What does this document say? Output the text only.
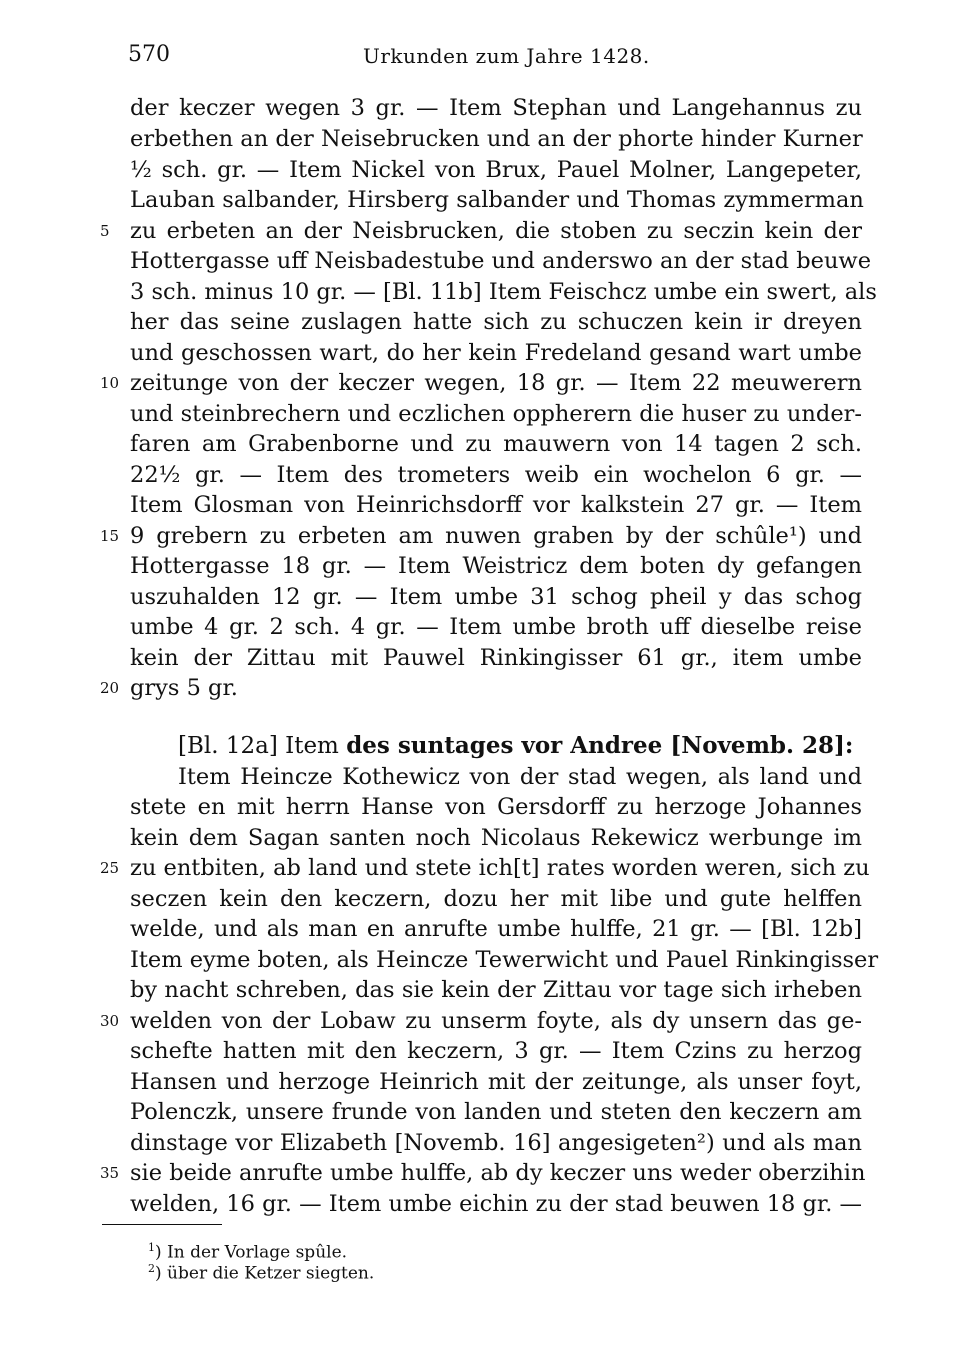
570	Urkunden zum Jahre 1428.
der keczer wegen 3 gr. — Item Stephan und Langehannus zu
erbethen an der Neisebrucken und an der phorte hinder Kurner
½ sch. gr. — Item Nickel von Brux, Pauel Molner, Langepeter,
Lauban salbander, Hirsberg salbander und Thomas zymmerman
zu erbeten an der Neisbrucken, die stoben zu seczin kein der
Hottergasse uff Neisbadestube und anderswo an der stad beuwe
3 sch. minus 10 gr. — [Bl. 11b] Item Feischcz umbe ein swert, als
her das seine zuslagen hatte sich zu schuczen kein ir dreyen
und geschossen wart, do her kein Fredeland gesand wart umbe
zeitunge von der keczer wegen, 18 gr. — Item 22 meuwerern
und steinbrechern und eczlichen oppherern die huser zu under-
faren am Grabenborne und zu mauwern von 14 tagen 2 sch.
22½ gr. — Item des trometers weib ein wochelon 6 gr. —
Item Glosman von Heinrichsdorff vor kalkstein 27 gr. — Item
9 grebern zu erbeten am nuwen graben by der schûle¹) und
Hottergasse 18 gr. — Item Weistricz dem boten dy gefangen
uszuhalden 12 gr. — Item umbe 31 schog pheil y das schog
umbe 4 gr. 2 sch. 4 gr. — Item umbe broth uff dieselbe reise
kein der Zittau mit Pauwel Rinkingisser 61 gr., item umbe
grys 5 gr.
[Bl. 12a] Item des suntages vor Andree [Novemb. 28]:
Item Heincze Kothewicz von der stad wegen, als land und
stete en mit herrn Hanse von Gersdorff zu herzoge Johannes
kein dem Sagan santen noch Nicolaus Rekewicz werbunge im
zu entbiten, ab land und stete ich[t] rates worden weren, sich zu
seczen kein den keczern, dozu her mit libe und gute helffen
welde, und als man en anrufte umbe hulffe, 21 gr. — [Bl. 12b]
Item eyme boten, als Heincze Tewerwicht und Pauel Rinkingisser
by nacht schreben, das sie kein der Zittau vor tage sich irheben
welden von der Lobaw zu unserm foyte, als dy unsern das ge-
schefte hatten mit den keczern, 3 gr. — Item Czins zu herzog
Hansen und herzoge Heinrich mit der zeitunge, als unser foyt,
Polenczk, unsere frunde von landen und steten den keczern am
dinstage vor Elizabeth [Novemb. 16] angesigeten²) und als man
sie beide anrufte umbe hulffe, ab dy keczer uns weder oberzihin
welden, 16 gr. — Item umbe eichin zu der stad beuwen 18 gr. —
5
10
15
20
25
30
35
$^1$) In der Vorlage spûle.
$^2$) über die Ketzer siegten.
